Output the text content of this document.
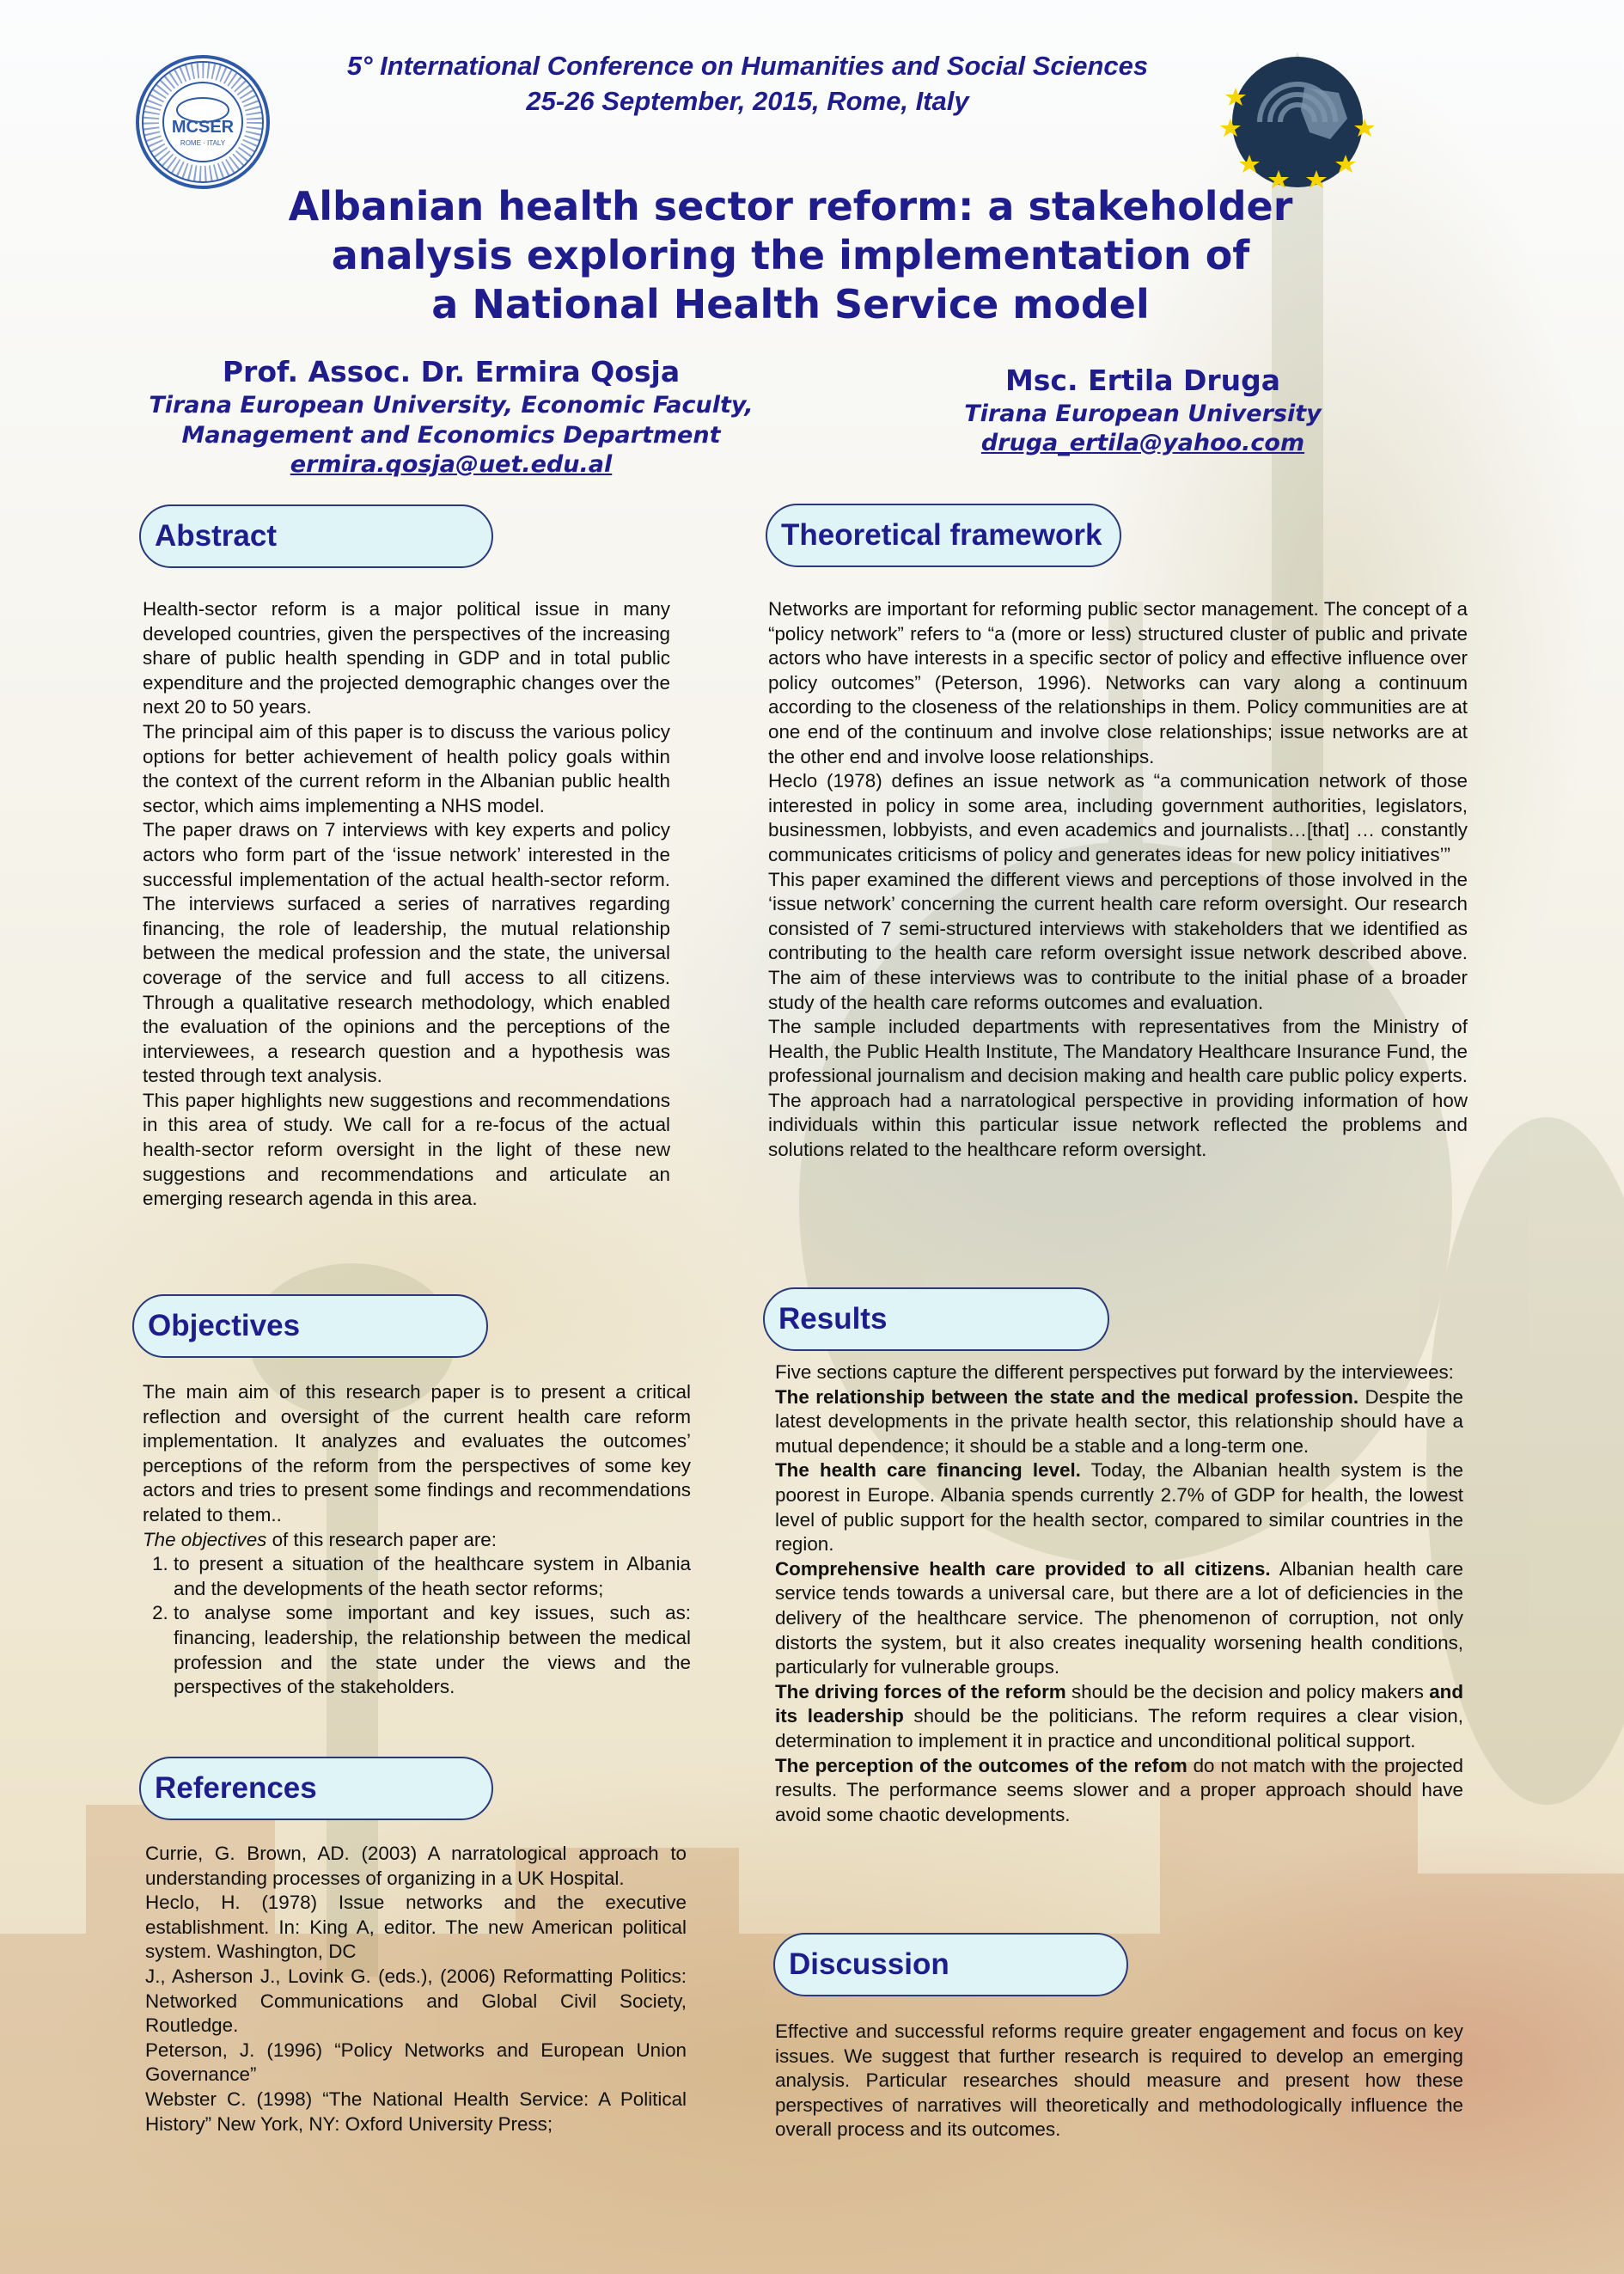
MCSER
ROME · ITALY
5° International Conference on Humanities and Social Sciences
25-26 September, 2015, Rome, Italy
Albanian health sector reform: a stakeholder
analysis exploring the implementation of
a National Health Service model
Prof. Assoc. Dr. Ermira Qosja
Tirana European University, Economic Faculty,
Management and Economics Department
ermira.qosja@uet.edu.al
Msc. Ertila Druga
Tirana European University
druga_ertila@yahoo.com
Abstract

Health-sector reform is a major political issue in many developed countries, given the perspectives of the increasing share of public health spending in GDP and in total public expenditure and the projected demographic changes over the next 20 to 50 years.

The principal aim of this paper is to discuss the various policy options for better achievement of health policy goals within the context of the current reform in the Albanian public health sector, which aims implementing a NHS model.

The paper draws on 7 interviews with key experts and policy actors who form part of the ‘issue network’ interested in the successful implementation of the actual health-sector reform. The interviews surfaced a series of narratives regarding financing, the role of leadership, the mutual relationship between the medical profession and the state, the universal coverage of the service and full access to all citizens. Through a qualitative research methodology, which enabled the evaluation of the opinions and the perceptions of the interviewees, a research question and a hypothesis was tested through text analysis.

This paper highlights new suggestions and recommendations in this area of study. We call for a re-focus of the actual health-sector reform oversight in the light of these new suggestions and recommendations and articulate an emerging research agenda in this area.

Objectives

The main aim of this research paper is to present a critical reflection and oversight of the current health care reform implementation. It analyzes and evaluates the outcomes’ perceptions of the reform from the perspectives of some key actors and tries to present some findings and recommendations related to them..

The objectives of this research paper are:

1. to present a situation of the healthcare system in Albania and the developments of the heath sector reforms;
2. to analyse some important and key issues, such as: financing, leadership, the relationship between the medical profession and the state under the views and the perspectives of the stakeholders.
References

Currie, G. Brown, AD. (2003) A narratological approach to understanding processes of organizing in a UK Hospital.

Heclo, H. (1978) Issue networks and the executive establishment. In: King A, editor. The new American political system. Washington, DC

J., Asherson J., Lovink G. (eds.), (2006) Reformatting Politics: Networked Communications and Global Civil Society, Routledge.

Peterson, J. (1996) “Policy Networks and European Union Governance”

Webster C. (1998) “The National Health Service: A Political History” New York, NY: Oxford University Press;

Theoretical framework

Networks are important for reforming public sector management. The concept of a “policy network” refers to “a (more or less) structured cluster of public and private actors who have interests in a specific sector of policy and effective influence over policy outcomes” (Peterson, 1996). Networks can vary along a continuum according to the closeness of the relationships in them. Policy communities are at one end of the continuum and involve close relationships; issue networks are at the other end and involve loose relationships.

Heclo (1978) defines an issue network as “a communication network of those interested in policy in some area, including government authorities, legislators, businessmen, lobbyists, and even academics and journalists…[that] … constantly communicates criticisms of policy and generates ideas for new policy initiatives’”

This paper examined the different views and perceptions of those involved in the ‘issue network’ concerning the current health care reform oversight. Our research consisted of 7 semi-structured interviews with stakeholders that we identified as contributing to the health care reform oversight issue network described above. The aim of these interviews was to contribute to the initial phase of a broader study of the health care reforms outcomes and evaluation.

The sample included departments with representatives from the Ministry of Health, the Public Health Institute, The Mandatory Healthcare Insurance Fund, the professional journalism and decision making and health care public policy experts.

The approach had a narratological perspective in providing information of how individuals within this particular issue network reflected the problems and solutions related to the healthcare reform oversight.

Results

Five sections capture the different perspectives put forward by the interviewees:

The relationship between the state and the medical profession. Despite the latest developments in the private health sector, this relationship should have a mutual dependence; it should be a stable and a long-term one.

The health care financing level. Today, the Albanian health system is the poorest in Europe. Albania spends currently 2.7% of GDP for health, the lowest level of public support for the health sector, compared to similar countries in the region.

Comprehensive health care provided to all citizens. Albanian health care service tends towards a universal care, but there are a lot of deficiencies in the delivery of the healthcare service. The phenomenon of corruption, not only distorts the system, but it also creates inequality worsening health conditions, particularly for vulnerable groups.

The driving forces of the reform should be the decision and policy makers and its leadership should be the politicians. The reform requires a clear vision, determination to implement it in practice and unconditional political support.

The perception of the outcomes of the refom do not match with the projected results. The performance seems slower and a proper approach should have avoid some chaotic developments.

Discussion

Effective and successful reforms require greater engagement and focus on key issues. We suggest that further research is required to develop an emerging analysis. Particular researches should measure and present how these perspectives of narratives will theoretically and methodologically influence the overall process and its outcomes.
